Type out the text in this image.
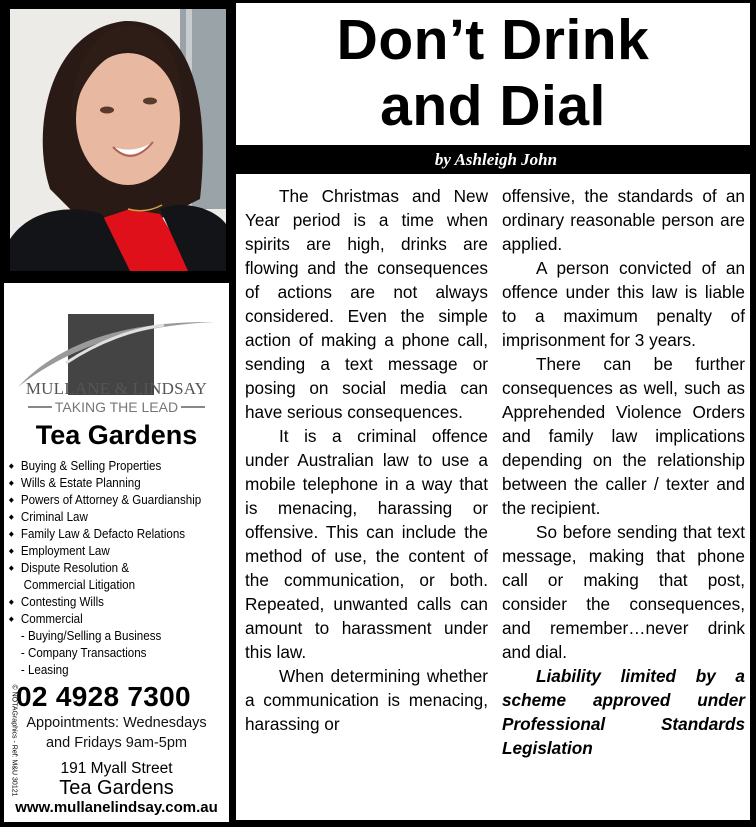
MULLANE & LINDSAY
TAKING THE LEAD
Tea Gardens
◆ Buying & Selling Properties
◆ Wills & Estate Planning
◆ Powers of Attorney & Guardianship
◆ Criminal Law
◆ Family Law & Defacto Relations
◆ Employment Law
◆ Dispute Resolution &
Commercial Litigation
◆ Contesting Wills
◆ Commercial
- Buying/Selling a Business
- Company Transactions
- Leasing
02 4928 7300
© NOTAGraphics - Ref: M&U 30121 Appointments: Wednesdays
and Fridays 9am-5pm
191 Myall Street
Tea Gardens
www.mullanelindsay.com.au
Don’t Drink
and Dial
by Ashleigh John

The Christmas and New Year period is a time when spirits are high, drinks are flowing and the consequences of actions are not always considered. Even the simple action of making a phone call, sending a text message or posing on social media can have serious consequences.

It is a criminal offence under Australian law to use a mobile telephone in a way that is menacing, harassing or offensive. This can include the method of use, the content of the communication, or both. Repeated, unwanted calls can amount to harassment under this law.

When determining whether a communication is menacing, harassing or

offensive, the standards of an ordinary reasonable person are applied.

A person convicted of an offence under this law is liable to a maximum penalty of imprisonment for 3 years.

There can be further consequences as well, such as Apprehended Violence Orders and family law implications depending on the relationship between the caller / texter and the recipient.

So before sending that text message, making that phone call or making that post, consider the consequences, and remember…never drink and dial.

Liability limited by a scheme approved under Professional Standards Legislation
